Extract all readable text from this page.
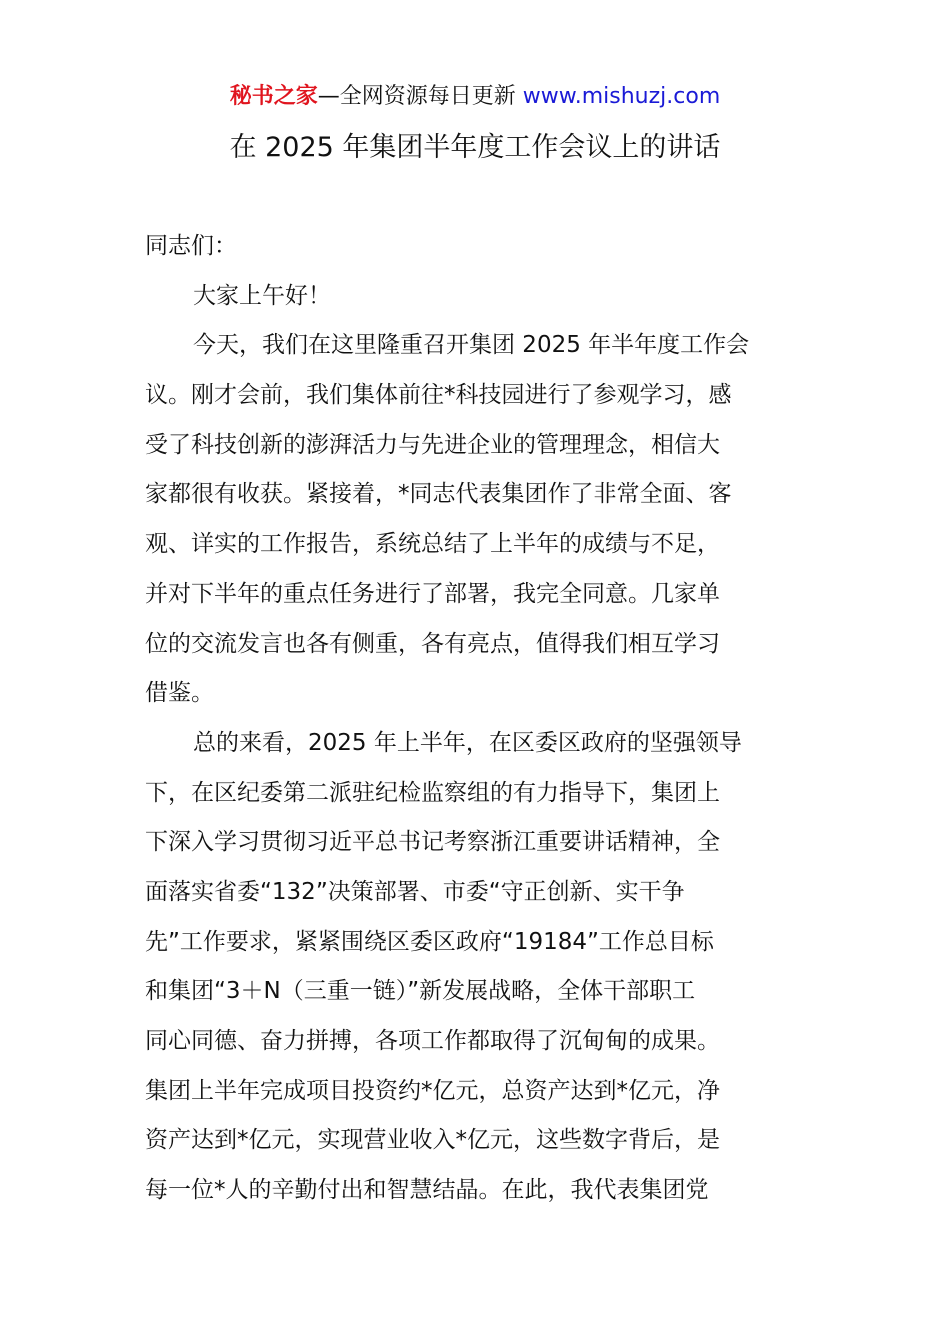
秘书之家—全网资源每日更新 www.mishuzj.com
在 2025 年集团半年度工作会议上的讲话
同志们：
大家上午好！
今天，我们在这里隆重召开集团 2025 年半年度工作会
议。刚才会前，我们集体前往*科技园进行了参观学习，感
受了科技创新的澎湃活力与先进企业的管理理念，相信大
家都很有收获。紧接着，*同志代表集团作了非常全面、客
观、详实的工作报告，系统总结了上半年的成绩与不足，
并对下半年的重点任务进行了部署，我完全同意。几家单
位的交流发言也各有侧重，各有亮点，值得我们相互学习
借鉴。
总的来看，2025 年上半年，在区委区政府的坚强领导
下，在区纪委第二派驻纪检监察组的有力指导下，集团上
下深入学习贯彻习近平总书记考察浙江重要讲话精神，全
面落实省委“132”决策部署、市委“守正创新、实干争
先”工作要求，紧紧围绕区委区政府“19184”工作总目标
和集团“3＋N（三重一链）”新发展战略，全体干部职工
同心同德、奋力拼搏，各项工作都取得了沉甸甸的成果。
集团上半年完成项目投资约*亿元，总资产达到*亿元，净
资产达到*亿元，实现营业收入*亿元，这些数字背后，是
每一位*人的辛勤付出和智慧结晶。在此，我代表集团党
